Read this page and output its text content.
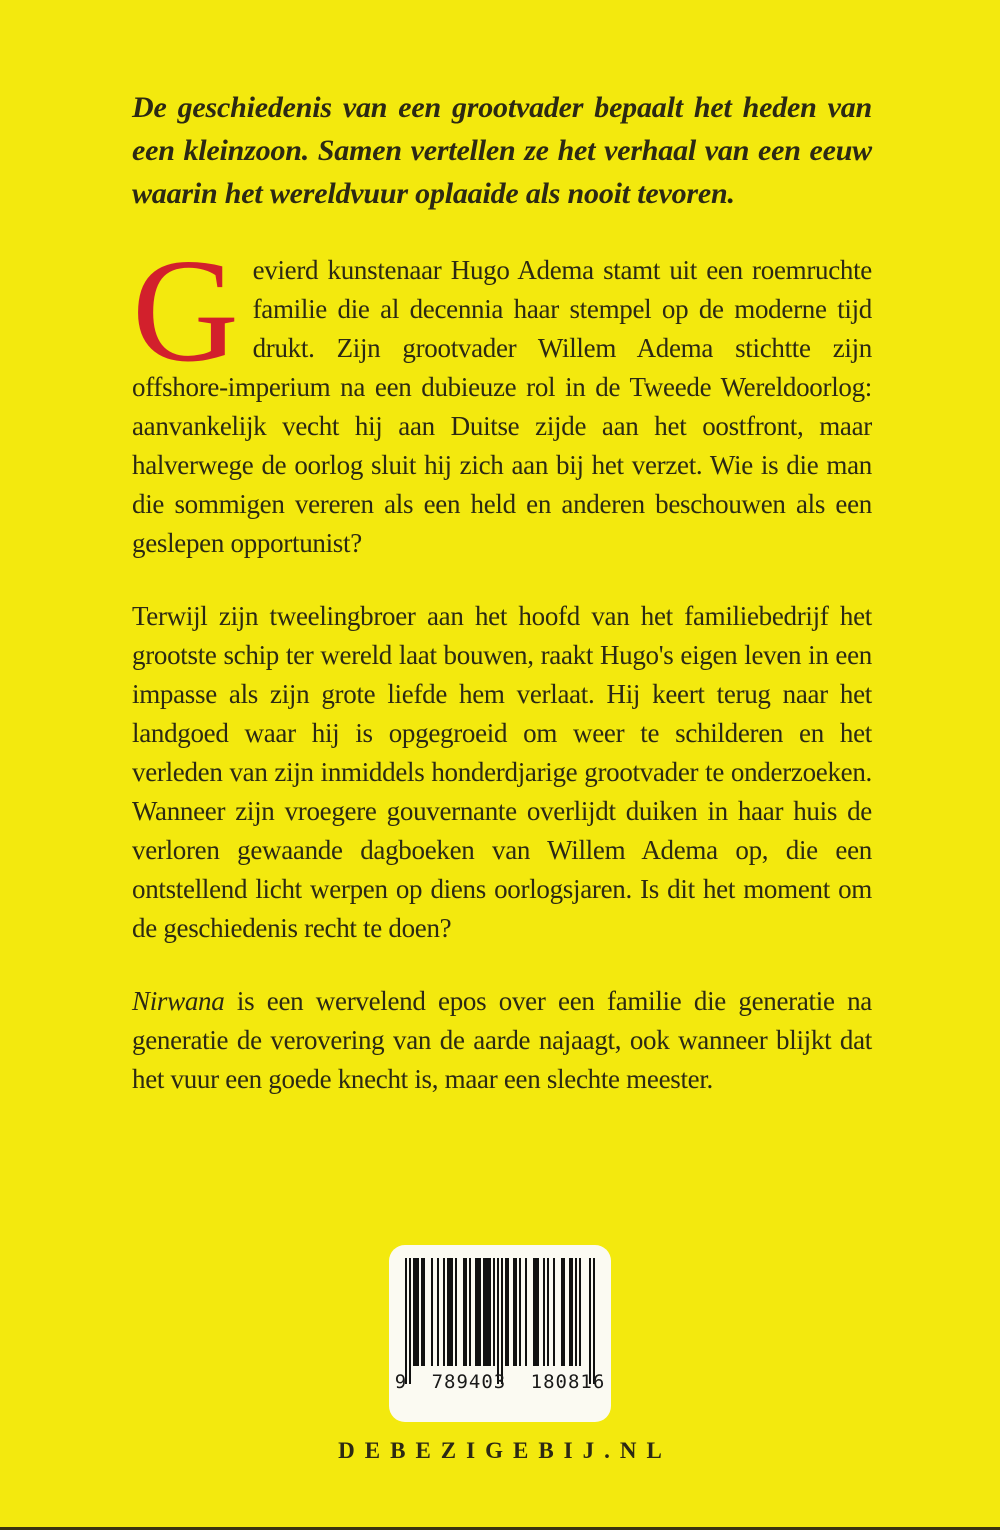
De geschiedenis van een grootvader bepaalt het heden van een kleinzoon. Samen vertellen ze het verhaal van een eeuw waarin het wereldvuur oplaaide als nooit tevoren.

Gevierd kunstenaar Hugo Adema stamt uit een roemruchte familie die al decennia haar stempel op de moderne tijd drukt. Zijn grootvader Willem Adema stichtte zijn offshore-imperium na een dubieuze rol in de Tweede Wereldoorlog: aanvankelijk vecht hij aan Duitse zijde aan het oostfront, maar halverwege de oorlog sluit hij zich aan bij het verzet. Wie is die man die sommigen vereren als een held en anderen beschouwen als een geslepen opportunist?

Terwijl zijn tweelingbroer aan het hoofd van het familiebedrijf het grootste schip ter wereld laat bouwen, raakt Hugo's eigen leven in een impasse als zijn grote liefde hem verlaat. Hij keert terug naar het landgoed waar hij is opgegroeid om weer te schilderen en het verleden van zijn inmiddels honderdjarige grootvader te onderzoeken. Wanneer zijn vroegere gouvernante overlijdt duiken in haar huis de verloren gewaande dagboeken van Willem Adema op, die een ontstellend licht werpen op diens oorlogsjaren. Is dit het moment om de geschiedenis recht te doen?

Nirwana is een wervelend epos over een familie die generatie na generatie de verovering van de aarde najaagt, ook wanneer blijkt dat het vuur een goede knecht is, maar een slechte meester.

9 789403 180816
DEBEZIGEBIJ.NL
